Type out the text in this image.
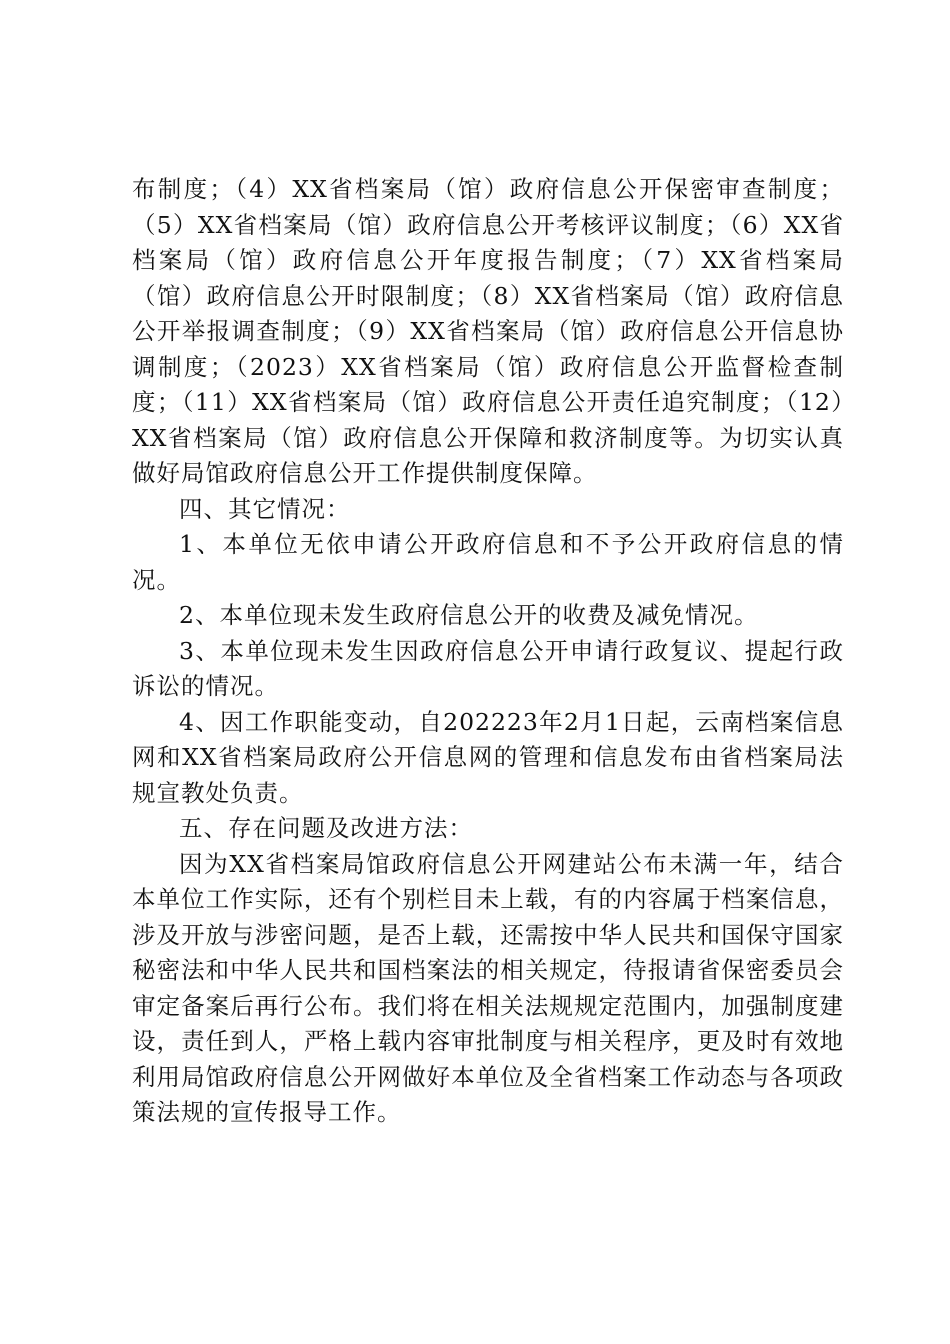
布制度；（4）XX省档案局（馆）政府信息公开保密审查制度；（5）XX省档案局（馆）政府信息公开考核评议制度；（6）XX省档案局（馆）政府信息公开年度报告制度；（7）XX省档案局（馆）政府信息公开时限制度；（8）XX省档案局（馆）政府信息公开举报调查制度；（9）XX省档案局（馆）政府信息公开信息协调制度；（2023）XX省档案局（馆）政府信息公开监督检查制度；（11）XX省档案局（馆）政府信息公开责任追究制度；（12）XX省档案局（馆）政府信息公开保障和救济制度等。为切实认真做好局馆政府信息公开工作提供制度保障。

四、其它情况：

1、本单位无依申请公开政府信息和不予公开政府信息的情况。

2、本单位现未发生政府信息公开的收费及减免情况。

3、本单位现未发生因政府信息公开申请行政复议、提起行政诉讼的情况。

4、因工作职能变动，自202223年2月1日起，云南档案信息网和XX省档案局政府公开信息网的管理和信息发布由省档案局法规宣教处负责。

五、存在问题及改进方法：

因为XX省档案局馆政府信息公开网建站公布未满一年，结合本单位工作实际，还有个别栏目未上载，有的内容属于档案信息，涉及开放与涉密问题，是否上载，还需按中华人民共和国保守国家秘密法和中华人民共和国档案法的相关规定，待报请省保密委员会审定备案后再行公布。我们将在相关法规规定范围内，加强制度建设，责任到人，严格上载内容审批制度与相关程序，更及时有效地利用局馆政府信息公开网做好本单位及全省档案工作动态与各项政策法规的宣传报导工作。
